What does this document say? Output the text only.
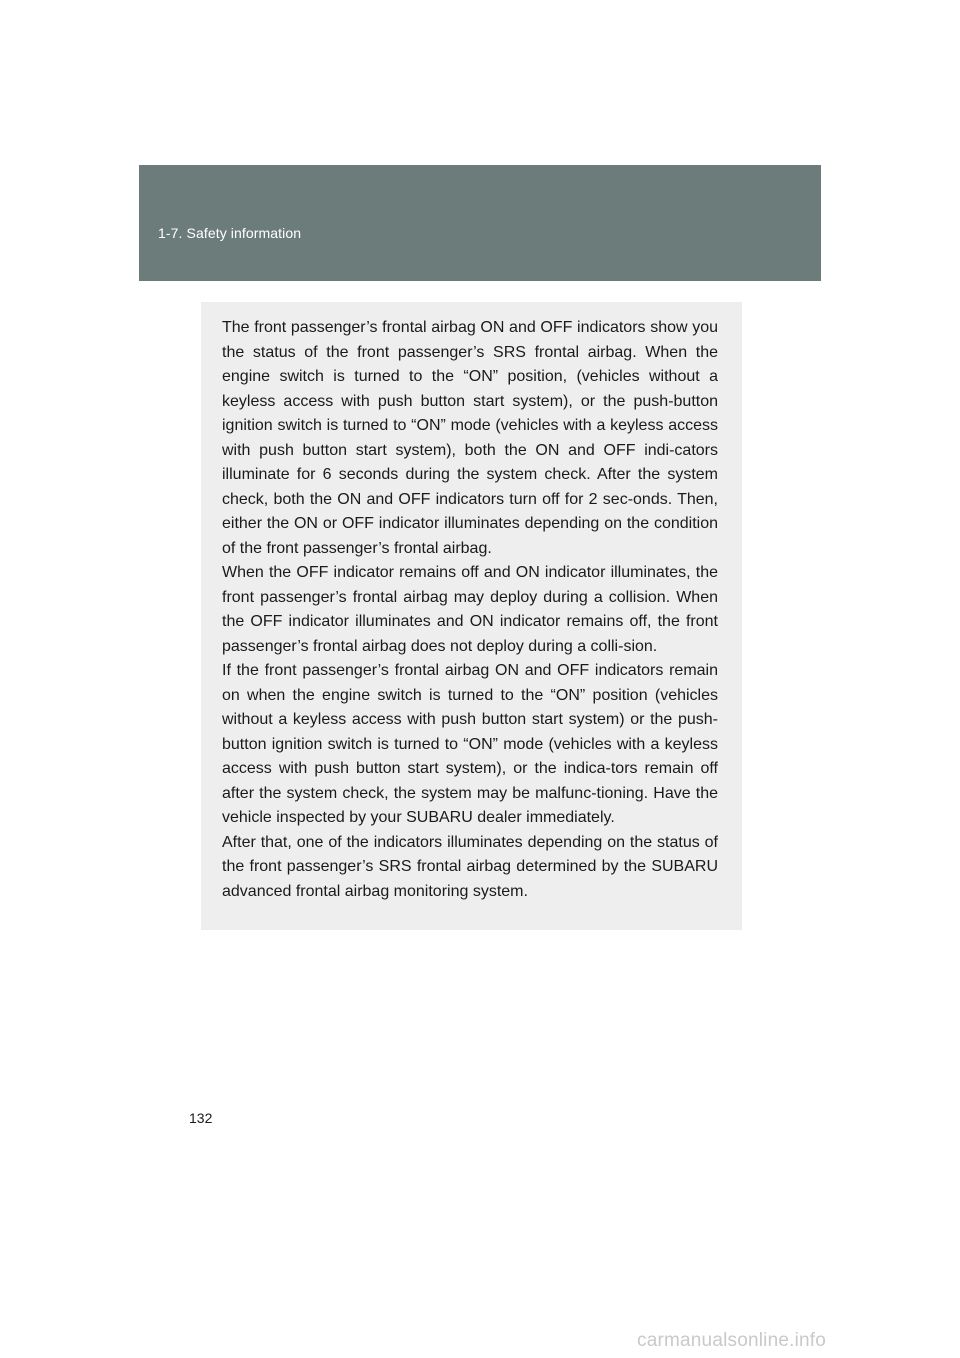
1-7. Safety information

The front passenger’s frontal airbag ON and OFF indicators show you the status of the front passenger’s SRS frontal airbag. When the engine switch is turned to the “ON” position, (vehicles without a keyless access with push button start system), or the push-button ignition switch is turned to “ON” mode (vehicles with a keyless access with push button start system), both the ON and OFF indi-cators illuminate for 6 seconds during the system check. After the system check, both the ON and OFF indicators turn off for 2 sec-onds. Then, either the ON or OFF indicator illuminates depending on the condition of the front passenger’s frontal airbag.

When the OFF indicator remains off and ON indicator illuminates, the front passenger’s frontal airbag may deploy during a collision. When the OFF indicator illuminates and ON indicator remains off, the front passenger’s frontal airbag does not deploy during a colli-sion.

If the front passenger’s frontal airbag ON and OFF indicators remain on when the engine switch is turned to the “ON” position (vehicles without a keyless access with push button start system) or the push-button ignition switch is turned to “ON” mode (vehicles with a keyless access with push button start system), or the indica-tors remain off after the system check, the system may be malfunc-tioning. Have the vehicle inspected by your SUBARU dealer immediately.

After that, one of the indicators illuminates depending on the status of the front passenger’s SRS frontal airbag determined by the SUBARU advanced frontal airbag monitoring system.

132
carmanualsonline.info
